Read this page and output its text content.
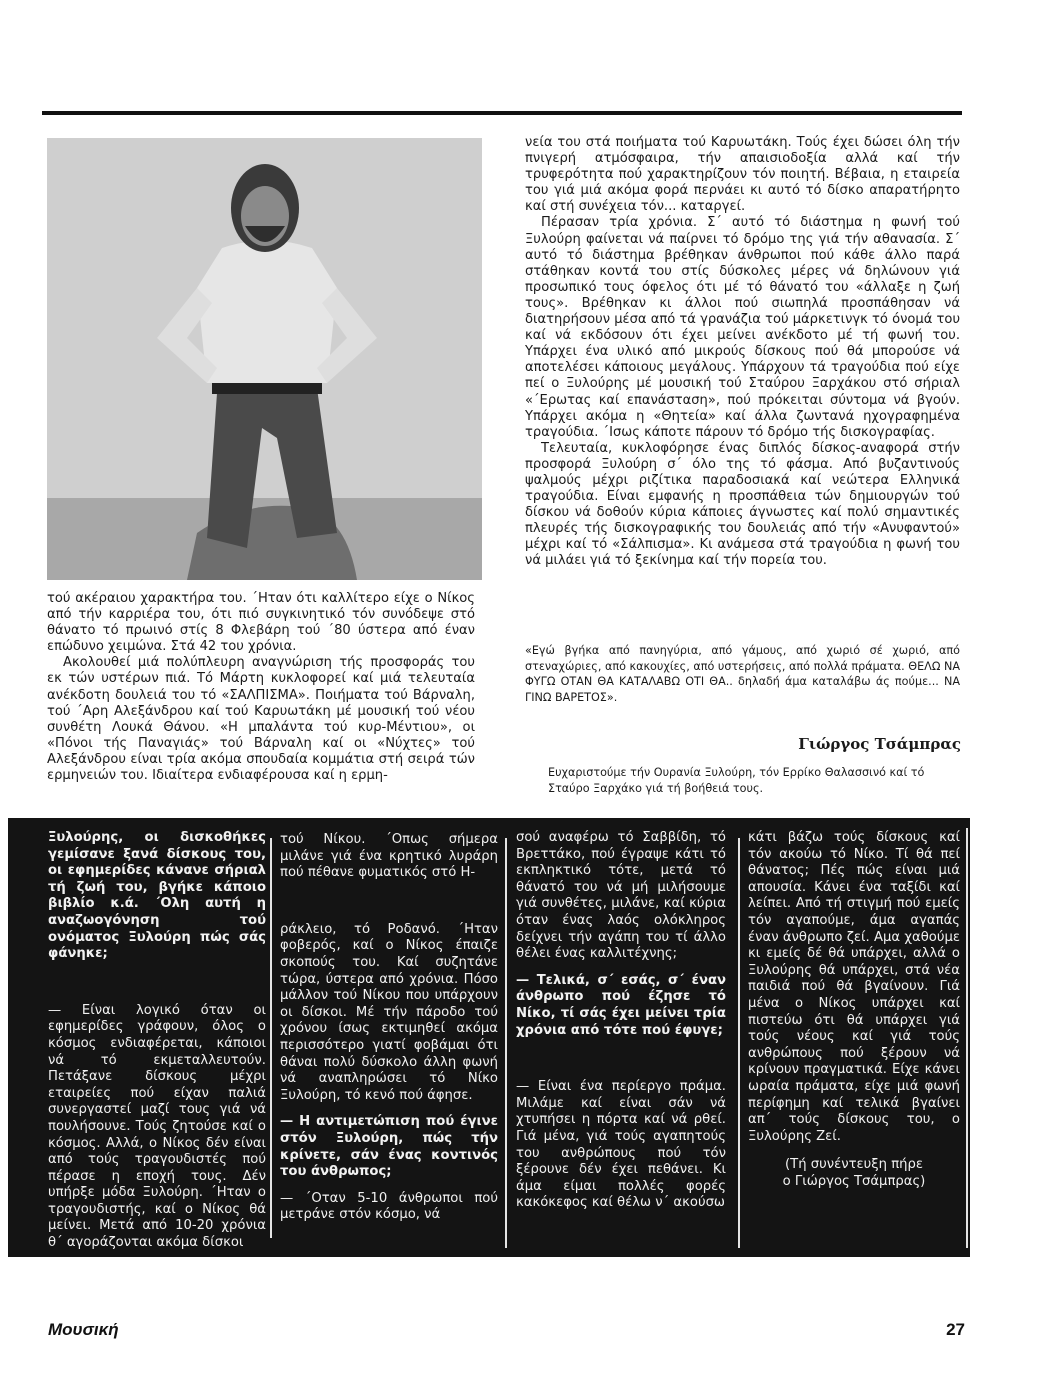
τού ακέραιου χαρακτήρα του. ΄Ηταν ότι καλλίτερο είχε ο Νίκος από τήν καρριέρα του, ότι πιό συγκινητικό τόν συνόδεψε στό θάνατο τό πρωινό στίς 8 Φλεβάρη τού ΄80 ύστερα από έναν επώδυνο χειμώνα. Στά 42 του χρόνια.

Ακολουθεί μιά πολύπλευρη αναγνώριση τής προσφοράς του εκ τών υστέρων πιά. Τό Μάρτη κυκλοφορεί καί μιά τελευταία ανέκδοτη δουλειά του τό «ΣΑΛΠΙΣΜΑ». Ποιήματα τού Βάρναλη, τού ΄Αρη Αλεξάνδρου καί τού Καρυωτάκη μέ μουσική τού νέου συνθέτη Λουκά Θάνου. «Η μπαλάντα τού κυρ-Μέντιου», οι «Πόνοι τής Παναγιάς» τού Βάρναλη καί οι «Νύχτες» τού Αλεξάνδρου είναι τρία ακόμα σπουδαία κομμάτια στή σειρά τών ερμηνειών του. Ιδιαίτερα ενδιαφέρουσα καί η ερμη-

νεία του στά ποιήματα τού Καρυωτάκη. Τούς έχει δώσει όλη τήν πνιγερή ατμόσφαιρα, τήν απαισιοδοξία αλλά καί τήν τρυφερότητα πού χαρακτηρίζουν τόν ποιητή. Βέβαια, η εταιρεία του γιά μιά ακόμα φορά περνάει κι αυτό τό δίσκο απαρατήρητο καί στή συνέχεια τόν... καταργεί.

Πέρασαν τρία χρόνια. Σ΄ αυτό τό διάστημα η φωνή τού Ξυλούρη φαίνεται νά παίρνει τό δρόμο της γιά τήν αθανασία. Σ΄ αυτό τό διάστημα βρέθηκαν άνθρωποι πού κάθε άλλο παρά στάθηκαν κοντά του στίς δύσκολες μέρες νά δηλώνουν γιά προσωπικό τους όφελος ότι μέ τό θάνατό του «άλλαξε η ζωή τους». Βρέθηκαν κι άλλοι πού σιωπηλά προσπάθησαν νά διατηρήσουν μέσα από τά γρανάζια τού μάρκετινγκ τό όνομά του καί νά εκδόσουν ότι έχει μείνει ανέκδοτο μέ τή φωνή του. Υπάρχει ένα υλικό από μικρούς δίσκους πού θά μπορούσε νά αποτελέσει κάποιους μεγάλους. Υπάρχουν τά τραγούδια πού είχε πεί ο Ξυλούρης μέ μουσική τού Σταύρου Ξαρχάκου στό σήριαλ «΄Ερωτας καί επανάσταση», πού πρόκειται σύντομα νά βγούν. Υπάρχει ακόμα η «Θητεία» καί άλλα ζωντανά ηχογραφημένα τραγούδια. ΄Ισως κάποτε πάρουν τό δρόμο τής δισκογραφίας.

Τελευταία, κυκλοφόρησε ένας διπλός δίσκος-αναφορά στήν προσφορά Ξυλούρη σ΄ όλο της τό φάσμα. Από βυζαντινούς ψαλμούς μέχρι ριζίτικα παραδοσιακά καί νεώτερα Ελληνικά τραγούδια. Είναι εμφανής η προσπάθεια τών δημιουργών τού δίσκου νά δοθούν κύρια κάποιες άγνωστες καί πολύ σημαντικές πλευρές τής δισκογραφικής του δουλειάς από τήν «Ανυφαντού» μέχρι καί τό «Σάλπισμα». Κι ανάμεσα στά τραγούδια η φωνή του νά μιλάει γιά τό ξεκίνημα καί τήν πορεία του.

«Εγώ βγήκα από πανηγύρια, από γάμους, από χωριό σέ χωριό, από στεναχώριες, από κακουχίες, από υστερήσεις, από πολλά πράματα. ΘΕΛΩ ΝΑ ΦΥΓΩ ΟΤΑΝ ΘΑ ΚΑΤΑΛΑΒΩ ΟΤΙ ΘΑ.. δηλαδή άμα καταλάβω άς πούμε... ΝΑ ΓΙΝΩ ΒΑΡΕΤΟΣ».
Γιώργος Τσάμπρας
Ευχαριστούμε τήν Ουρανία Ξυλούρη, τόν Ερρίκο Θαλασσινό καί τό Σταύρο Ξαρχάκο γιά τή βοήθειά τους.

Ξυλούρης, οι δισκοθήκες γεμίσανε ξανά δίσκους του, οι εφημερίδες κάνανε σήριαλ τή ζωή του, βγήκε κάποιο βιβλίο κ.ά. ΄Ολη αυτή η αναζωογόνηση τού ονόματος Ξυλούρη πώς σάς φάνηκε;

— Είναι λογικό όταν οι εφημερίδες γράφουν, όλος ο κόσμος ενδιαφέρεται, κάποιοι νά τό εκμεταλλευτούν. Πετάξανε δίσκους μέχρι εταιρείες πού είχαν παλιά συνεργαστεί μαζί τους γιά νά πουλήσουνε. Τούς ζητούσε καί ο κόσμος. Αλλά, ο Νίκος δέν είναι από τούς τραγουδιστές πού πέρασε η εποχή τους. Δέν υπήρξε μόδα Ξυλούρη. ΄Ηταν ο τραγουδιστής, καί ο Νίκος θά μείνει. Μετά από 10-20 χρόνια θ΄ αγοράζονται ακόμα δίσκοι

τού Νίκου. ΄Οπως σήμερα μιλάνε γιά ένα κρητικό λυράρη πού πέθανε φυματικός στό Η-

ράκλειο, τό Ροδανό. ΄Ηταν φοβερός, καί ο Νίκος έπαιζε σκοπούς του. Καί συζητάνε τώρα, ύστερα από χρόνια. Πόσο μάλλον τού Νίκου που υπάρχουν οι δίσκοι. Μέ τήν πάροδο τού χρόνου ίσως εκτιμηθεί ακόμα περισσότερο γιατί φοβάμαι ότι θάναι πολύ δύσκολο άλλη φωνή νά αναπληρώσει τό Νίκο Ξυλούρη, τό κενό πού άφησε.

— Η αντιμετώπιση πού έγινε στόν Ξυλούρη, πώς τήν κρίνετε, σάν ένας κοντινός του άνθρωπος;

— ΄Οταν 5-10 άνθρωποι πού μετράνε στόν κόσμο, νά

σού αναφέρω τό Σαββίδη, τό Βρεττάκο, πού έγραψε κάτι τό εκπληκτικό τότε, μετά τό θάνατό του νά μή μιλήσουμε γιά συνθέτες, μιλάνε, καί κύρια όταν ένας λαός ολόκληρος δείχνει τήν αγάπη του τί άλλο θέλει ένας καλλιτέχνης;

— Τελικά, σ΄ εσάς, σ΄ έναν άνθρωπο πού έζησε τό Νίκο, τί σάς έχει μείνει τρία χρόνια από τότε πού έφυγε;

— Είναι ένα περίεργο πράμα. Μιλάμε καί είναι σάν νά χτυπήσει η πόρτα καί νά ρθεί. Γιά μένα, γιά τούς αγαπητούς του ανθρώπους πού τόν ξέρουνε δέν έχει πεθάνει. Κι άμα είμαι πολλές φορές κακόκεφος καί θέλω ν΄ ακούσω

κάτι βάζω τούς δίσκους καί τόν ακούω τό Νίκο. Τί θά πεί θάνατος; Πές πώς είναι μιά απουσία. Κάνει ένα ταξίδι καί λείπει. Από τή στιγμή πού εμείς τόν αγαπούμε, άμα αγαπάς έναν άνθρωπο ζεί. Αμα χαθούμε κι εμείς δέ θά υπάρχει, αλλά ο Ξυλούρης θά υπάρχει, στά νέα παιδιά πού θά βγαίνουν. Γιά μένα ο Νίκος υπάρχει καί πιστεύω ότι θά υπάρχει γιά τούς νέους καί γιά τούς ανθρώπους πού ξέρουν νά κρίνουν πραγματικά. Είχε κάνει ωραία πράματα, είχε μιά φωνή περίφημη καί τελικά βγαίνει απ΄ τούς δίσκους του, ο Ξυλούρης Ζεί.

(Τή συνέντευξη πήρε
ο Γιώργος Τσάμπρας)
Μουσική	27
